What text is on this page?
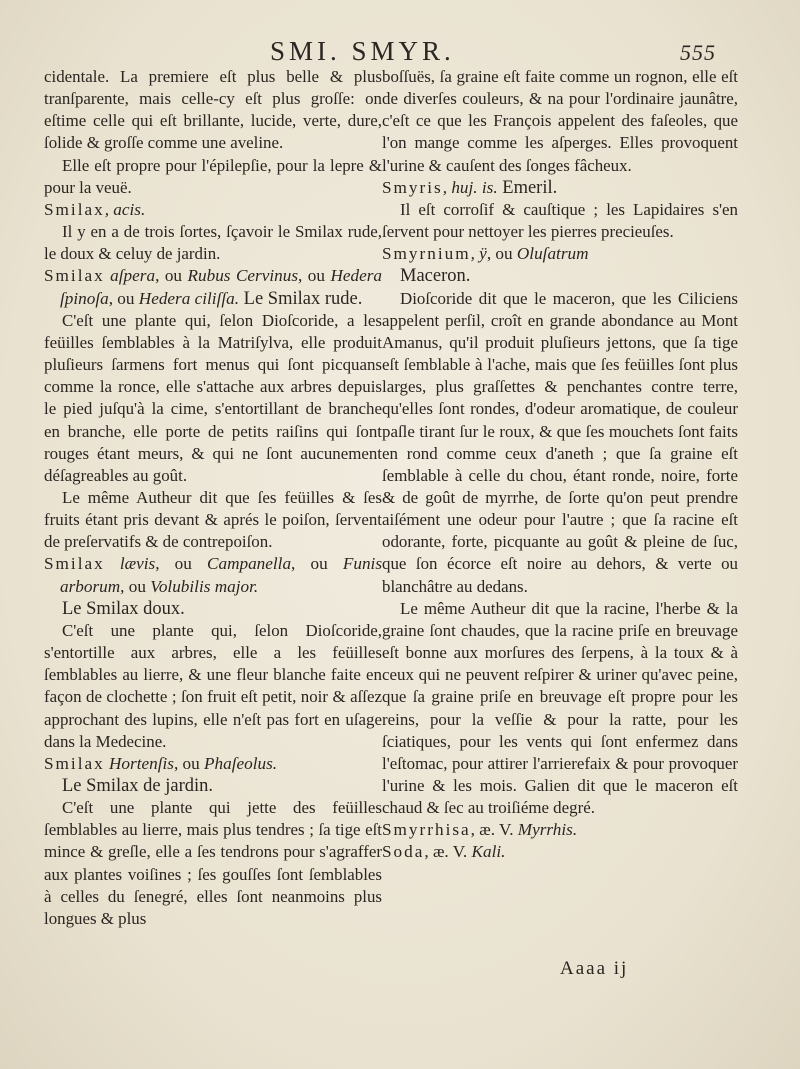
SMI. SMYR.	555

cidentale. La premiere eſt plus belle & plus tranſparente, mais celle-cy eſt plus groſſe: on eſtime celle qui eſt brillante, lucide, verte, dure, ſolide & groſſe comme une aveline.

Elle eſt propre pour l'épilepſie, pour la lepre & pour la veuë.

Smilax, acis.

Il y en a de trois ſortes, ſçavoir le Smilax rude, le doux & celuy de jardin.

Smilax aſpera, ou Rubus Cervinus, ou Hedera ſpinoſa, ou Hedera ciliſſa. Le Smilax rude.

C'eſt une plante qui, ſelon Dioſcoride, a les feüilles ſemblables à la Matriſylva, elle produit pluſieurs ſarmens fort menus qui ſont picquans comme la ronce, elle s'attache aux arbres depuis le pied juſqu'à la cime, s'entortillant de branche en branche, elle porte de petits raiſins qui ſont rouges étant meurs, & qui ne ſont aucunement déſagreables au goût.

Le même Autheur dit que ſes feüilles & ſes fruits étant pris devant & aprés le poiſon, ſervent de preſervatifs & de contrepoiſon.

Smilax lævis, ou Campanella, ou Funis arborum, ou Volubilis major.

Le Smilax doux.

C'eſt une plante qui, ſelon Dioſcoride, s'entortille aux arbres, elle a les feüilles ſemblables au lierre, & une fleur blanche faite en façon de clochette ; ſon fruit eſt petit, noir & aſſez approchant des lupins, elle n'eſt pas fort en uſage dans la Medecine.

Smilax Hortenſis, ou Phaſeolus.

Le Smilax de jardin.

C'eſt une plante qui jette des feüilles ſemblables au lierre, mais plus tendres ; ſa tige eſt mince & greſle, elle a ſes tendrons pour s'agraffer aux plantes voiſines ; ſes gouſſes ſont ſemblables à celles du ſenegré, elles ſont neanmoins plus longues & plus

boſſuës, ſa graine eſt faite comme un rognon, elle eſt de diverſes couleurs, & na pour l'ordinaire jaunâtre, c'eſt ce que les François appelent des faſeoles, que l'on mange comme les aſperges. Elles provoquent l'urine & cauſent des ſonges fâcheux.

Smyris, huj. is. Emeril.

Il eſt corroſif & cauſtique ; les Lapidaires s'en ſervent pour nettoyer les pierres precieuſes.

Smyrnium, ÿ, ou Oluſatrum

Maceron.

Dioſcoride dit que le maceron, que les Ciliciens appelent perſil, croît en grande abondance au Mont Amanus, qu'il produit pluſieurs jettons, que ſa tige eſt ſemblable à l'ache, mais que ſes feüilles ſont plus larges, plus graſſettes & penchantes contre terre, qu'elles ſont rondes, d'odeur aromatique, de couleur paſle tirant ſur le roux, & que ſes mouchets ſont faits en rond comme ceux d'aneth ; que ſa graine eſt ſemblable à celle du chou, étant ronde, noire, forte & de goût de myrrhe, de ſorte qu'on peut prendre aiſément une odeur pour l'autre ; que ſa racine eſt odorante, forte, picquante au goût & pleine de ſuc, que ſon écorce eſt noire au dehors, & verte ou blanchâtre au dedans.

Le même Autheur dit que la racine, l'herbe & la graine ſont chaudes, que la racine priſe en breuvage eſt bonne aux morſures des ſerpens, à la toux & à ceux qui ne peuvent reſpirer & uriner qu'avec peine, que ſa graine priſe en breuvage eſt propre pour les reins, pour la veſſie & pour la ratte, pour les ſciatiques, pour les vents qui ſont enfermez dans l'eſtomac, pour attirer l'arrierefaix & pour provoquer l'urine & les mois. Galien dit que le maceron eſt chaud & ſec au troiſiéme degré.

Smyrrhisa, æ. V. Myrrhis.

Soda, æ. V. Kali.

Aaaa ij
